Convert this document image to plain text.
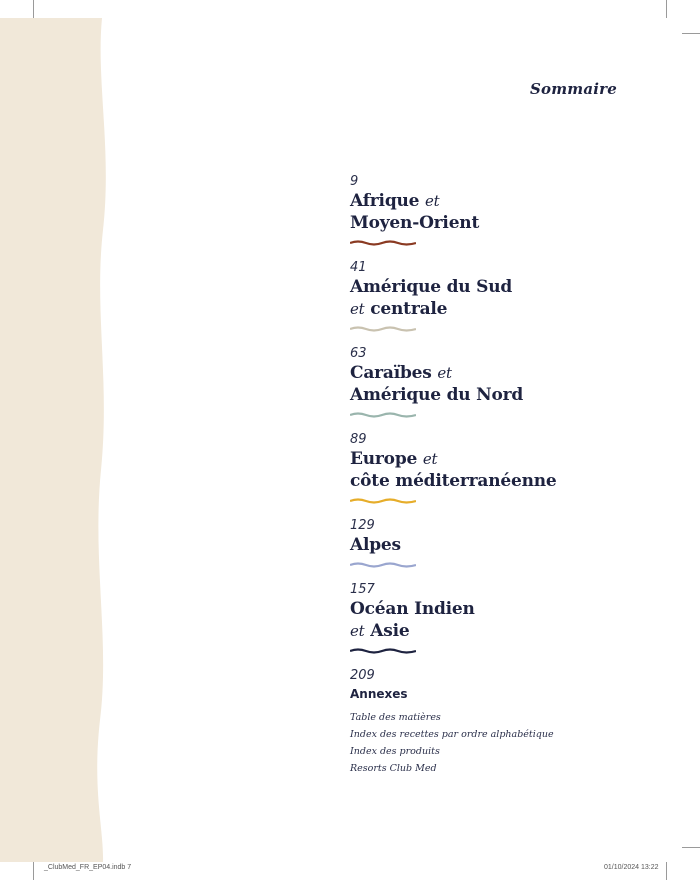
Sommaire
9

Afrique et
Moyen-Orient

41

Amérique du Sud
et centrale

63

Caraïbes et
Amérique du Nord

89

Europe et
côte méditerranéenne

129

Alpes

157

Océan Indien
et Asie

209
Annexes
Table des matières
Index des recettes par ordre alphabétique
Index des produits
Resorts Club Med
_ClubMed_FR_EP04.indb 7	01/10/2024 13:22
